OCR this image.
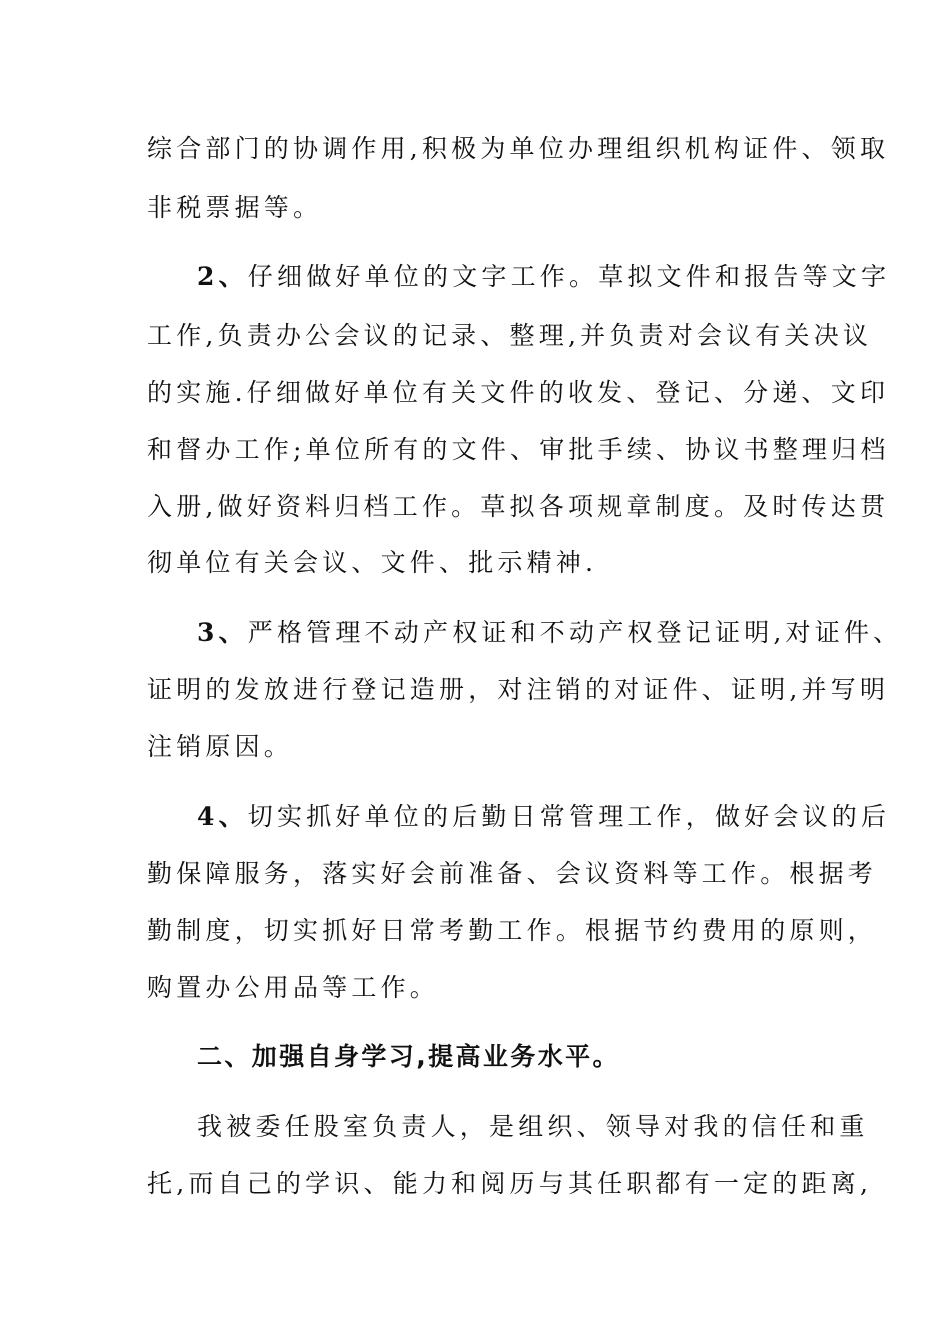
综合部门的协调作用,积极为单位办理组织机构证件、领取
非税票据等。
2、仔细做好单位的文字工作。草拟文件和报告等文字
工作,负责办公会议的记录、整理,并负责对会议有关决议
的实施.仔细做好单位有关文件的收发、登记、分递、文印
和督办工作;单位所有的文件、审批手续、协议书整理归档
入册,做好资料归档工作。草拟各项规章制度。及时传达贯
彻单位有关会议、文件、批示精神.
3、严格管理不动产权证和不动产权登记证明,对证件、
证明的发放进行登记造册，对注销的对证件、证明,并写明
注销原因。
4、切实抓好单位的后勤日常管理工作，做好会议的后
勤保障服务，落实好会前准备、会议资料等工作。根据考
勤制度，切实抓好日常考勤工作。根据节约费用的原则，
购置办公用品等工作。
二、加强自身学习,提高业务水平。
我被委任股室负责人，是组织、领导对我的信任和重
托,而自己的学识、能力和阅历与其任职都有一定的距离,
